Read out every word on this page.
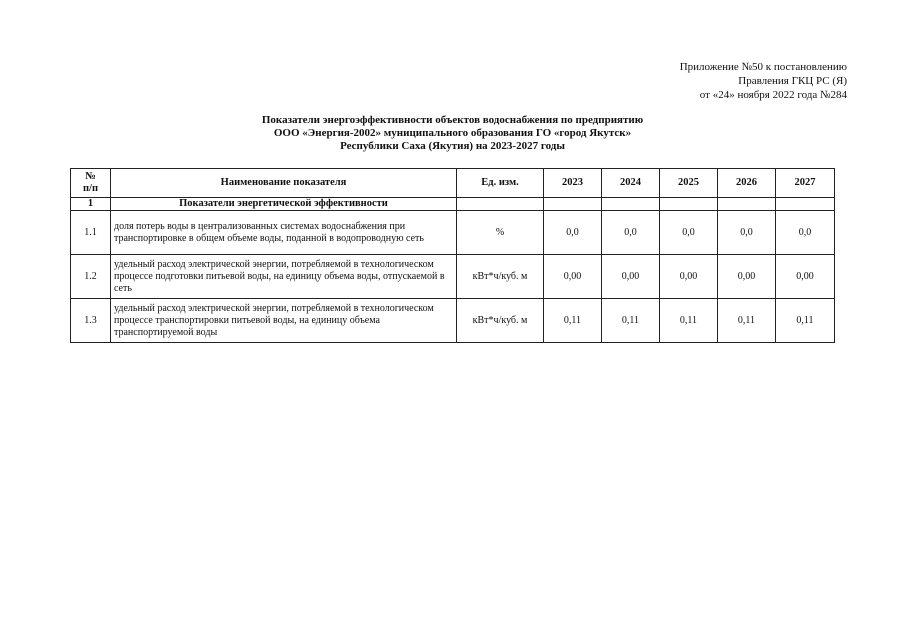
Приложение №50 к постановлению
Правления ГКЦ РС (Я)
от «24» ноября 2022 года №284
Показатели энергоэффективности объектов водоснабжения по предприятию
ООО «Энергия-2002» муниципального образования ГО «город Якутск»
Республики Саха (Якутия) на 2023-2027 годы
№
п/п	Наименование показателя	Ед. изм.	2023	2024	2025	2026	2027
1	Показатели энергетической эффективности						
1.1	доля потерь воды в централизованных системах водоснабжения при транспортировке в общем объеме воды, поданной в водопроводную сеть	%	0,0	0,0	0,0	0,0	0,0
1.2	удельный расход электрической энергии, потребляемой в технологическом процессе подготовки питьевой воды, на единицу объема воды, отпускаемой в сеть	кВт*ч/куб. м	0,00	0,00	0,00	0,00	0,00
1.3	удельный расход электрической энергии, потребляемой в технологическом процессе транспортировки питьевой воды, на единицу объема транспортируемой воды	кВт*ч/куб. м	0,11	0,11	0,11	0,11	0,11
